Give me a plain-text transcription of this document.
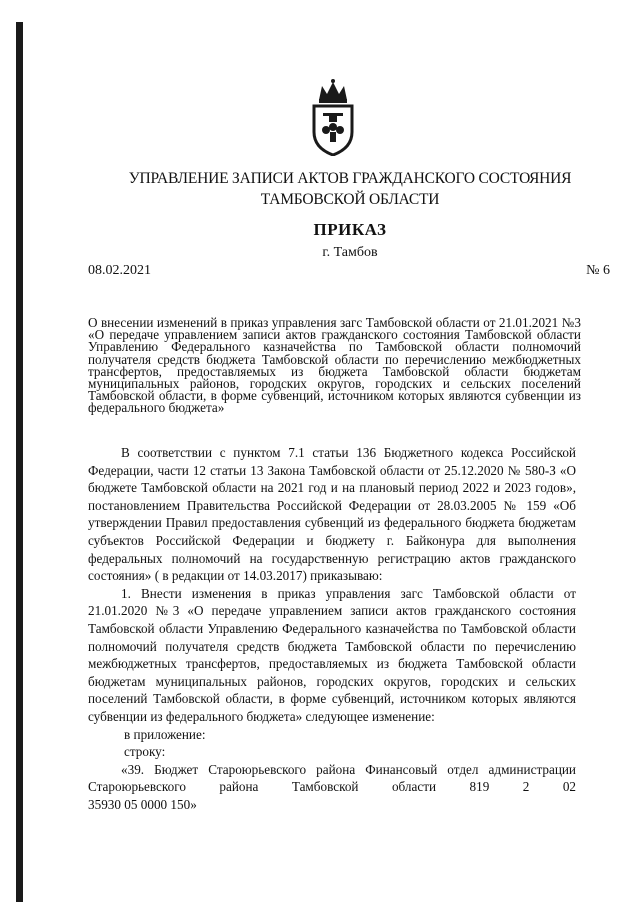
УПРАВЛЕНИЕ ЗАПИСИ АКТОВ ГРАЖДАНСКОГО СОСТОЯНИЯ
ТАМБОВСКОЙ ОБЛАСТИ
ПРИКАЗ
г. Тамбов
08.02.2021	№ 6
О внесении изменений в приказ управления загс Тамбовской области от 21.01.2021 №3 «О передаче управлением записи актов гражданского состояния Тамбовской области Управлению Федерального казначейства по Тамбовской области полномочий получателя средств бюджета Тамбовской области по перечислению межбюджетных трансфертов, предоставляемых из бюджета Тамбовской области бюджетам муниципальных районов, городских округов, городских и сельских поселений Тамбовской области, в форме субвенций, источником которых являются субвенции из федерального бюджета»

В соответствии с пунктом 7.1 статьи 136 Бюджетного кодекса Российской Федерации, части 12 статьи 13 Закона Тамбовской области от 25.12.2020 № 580-З «О бюджете Тамбовской области на 2021 год и на плановый период 2022 и 2023 годов», постановлением Правительства Российской Федерации от 28.03.2005 № 159 «Об утверждении Правил предоставления субвенций из федерального бюджета бюджетам субъектов Российской Федерации и бюджету г. Байконура для выполнения федеральных полномочий на государственную регистрацию актов гражданского состояния» ( в редакции от 14.03.2017) приказываю:

1. Внести изменения в приказ управления загс Тамбовской области от 21.01.2020 №3 «О передаче управлением записи актов гражданского состояния Тамбовской области Управлению Федерального казначейства по Тамбовской области полномочий получателя средств бюджета Тамбовской области по перечислению межбюджетных трансфертов, предоставляемых из бюджета Тамбовской области бюджетам муниципальных районов, городских округов, городских и сельских поселений Тамбовской области, в форме субвенций, источником которых являются субвенции из федерального бюджета» следующее изменение:

в приложение:

строку:

«39. Бюджет Староюрьевского района Финансовый отдел администрации Староюрьевского района Тамбовской области	819 2 02

35930 05 0000 150»
